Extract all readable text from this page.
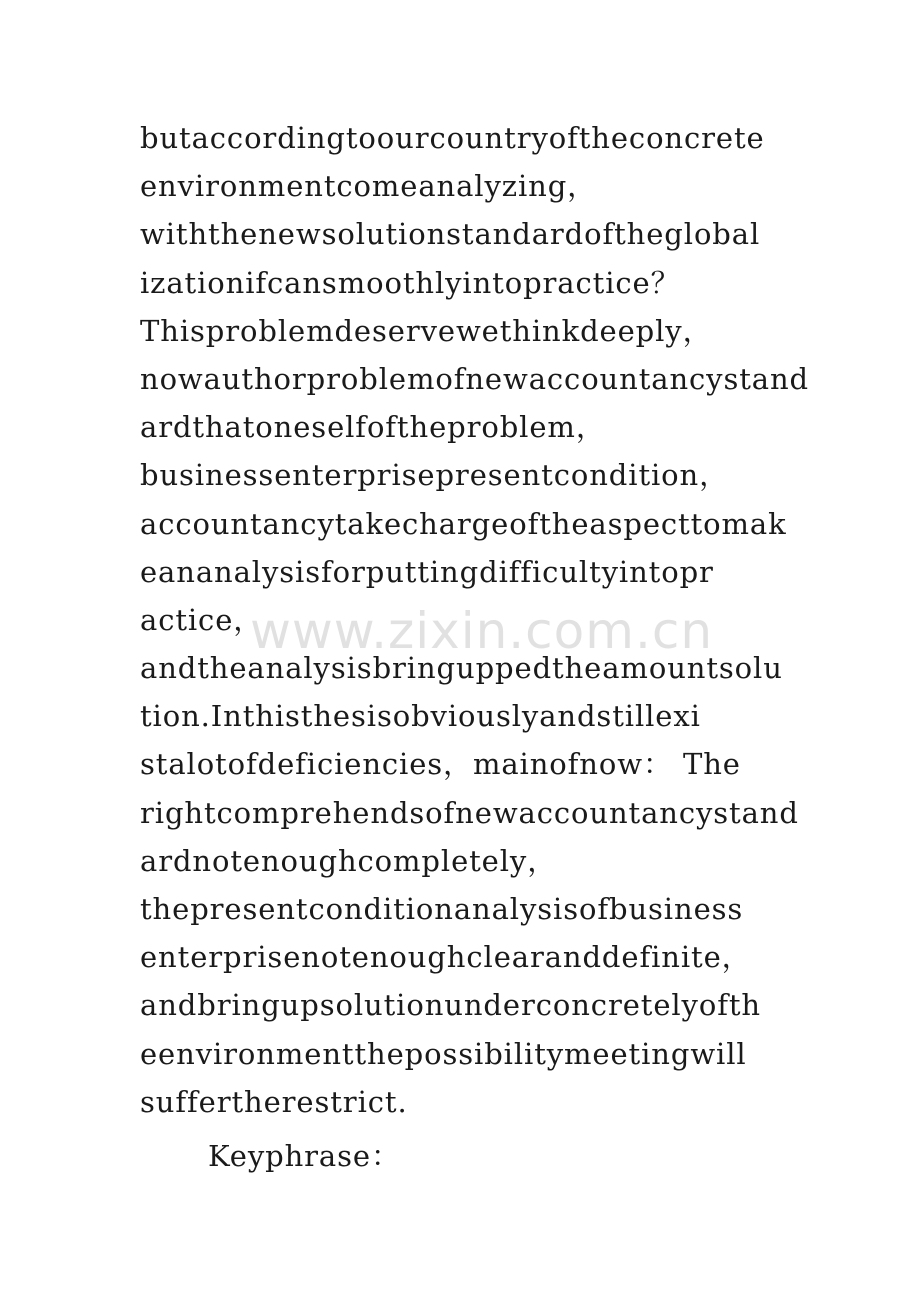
butaccordingtoourcountryoftheconcrete
environmentcomeanalyzing，
withthenewsolutionstandardoftheglobal
izationifcansmoothlyintopractice？
Thisproblemdeservewethinkdeeply，
nowauthorproblemofnewaccountancystand
ardthatoneselfoftheproblem，
businessenterprisepresentcondition，
accountancytakechargeoftheaspecttomak
eananalysisforputtingdifficultyintopr
actice，
andtheanalysisbringuppedtheamountsolu
tion.Inthisthesisobviouslyandstillexi
stalotofdeficiencies，mainofnow： The
rightcomprehendsofnewaccountancystand
ardnotenoughcompletely，
thepresentconditionanalysisofbusiness
enterprisenotenoughclearanddefinite，
andbringupsolutionunderconcretelyofth
eenvironmentthepossibilitymeetingwill
suffertherestrict.
Keyphrase：
www.zixin.com.cn
